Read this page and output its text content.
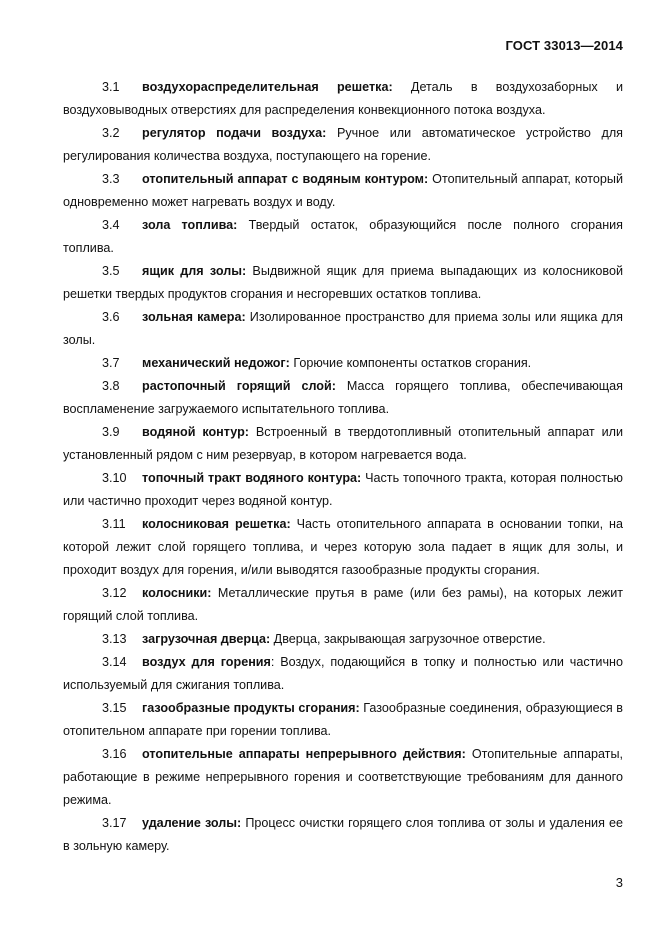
ГОСТ 33013—2014

3.1 воздухораспределительная решетка: Деталь в воздухозаборных и воздуховыводных отверстиях для распределения конвекционного потока воздуха.

3.2 регулятор подачи воздуха: Ручное или автоматическое устройство для регулирования количества воздуха, поступающего на горение.

3.3 отопительный аппарат с водяным контуром: Отопительный аппарат, который одновременно может нагревать воздух и воду.

3.4 зола топлива: Твердый остаток, образующийся после полного сгорания топлива.

3.5 ящик для золы: Выдвижной ящик для приема выпадающих из колосниковой решетки твердых продуктов сгорания и несгоревших остатков топлива.

3.6 зольная камера: Изолированное пространство для приема золы или ящика для золы.

3.7 механический недожог: Горючие компоненты остатков сгорания.

3.8 растопочный горящий слой: Масса горящего топлива, обеспечивающая воспламенение загружаемого испытательного топлива.

3.9 водяной контур: Встроенный в твердотопливный отопительный аппарат или установленный рядом с ним резервуар, в котором нагревается вода.

3.10 топочный тракт водяного контура: Часть топочного тракта, которая полностью или частично проходит через водяной контур.

3.11 колосниковая решетка: Часть отопительного аппарата в основании топки, на которой лежит слой горящего топлива, и через которую зола падает в ящик для золы, и проходит воздух для горения, и/или выводятся газообразные продукты сгорания.

3.12 колосники: Металлические прутья в раме (или без рамы), на которых лежит горящий слой топлива.

3.13 загрузочная дверца: Дверца, закрывающая загрузочное отверстие.

3.14 воздух для горения: Воздух, подающийся в топку и полностью или частично используемый для сжигания топлива.

3.15 газообразные продукты сгорания: Газообразные соединения, образующиеся в отопительном аппарате при горении топлива.

3.16 отопительные аппараты непрерывного действия: Отопительные аппараты, работающие в режиме непрерывного горения и соответствующие требованиям для данного режима.

3.17 удаление золы: Процесс очистки горящего слоя топлива от золы и удаления ее в зольную камеру.

3
